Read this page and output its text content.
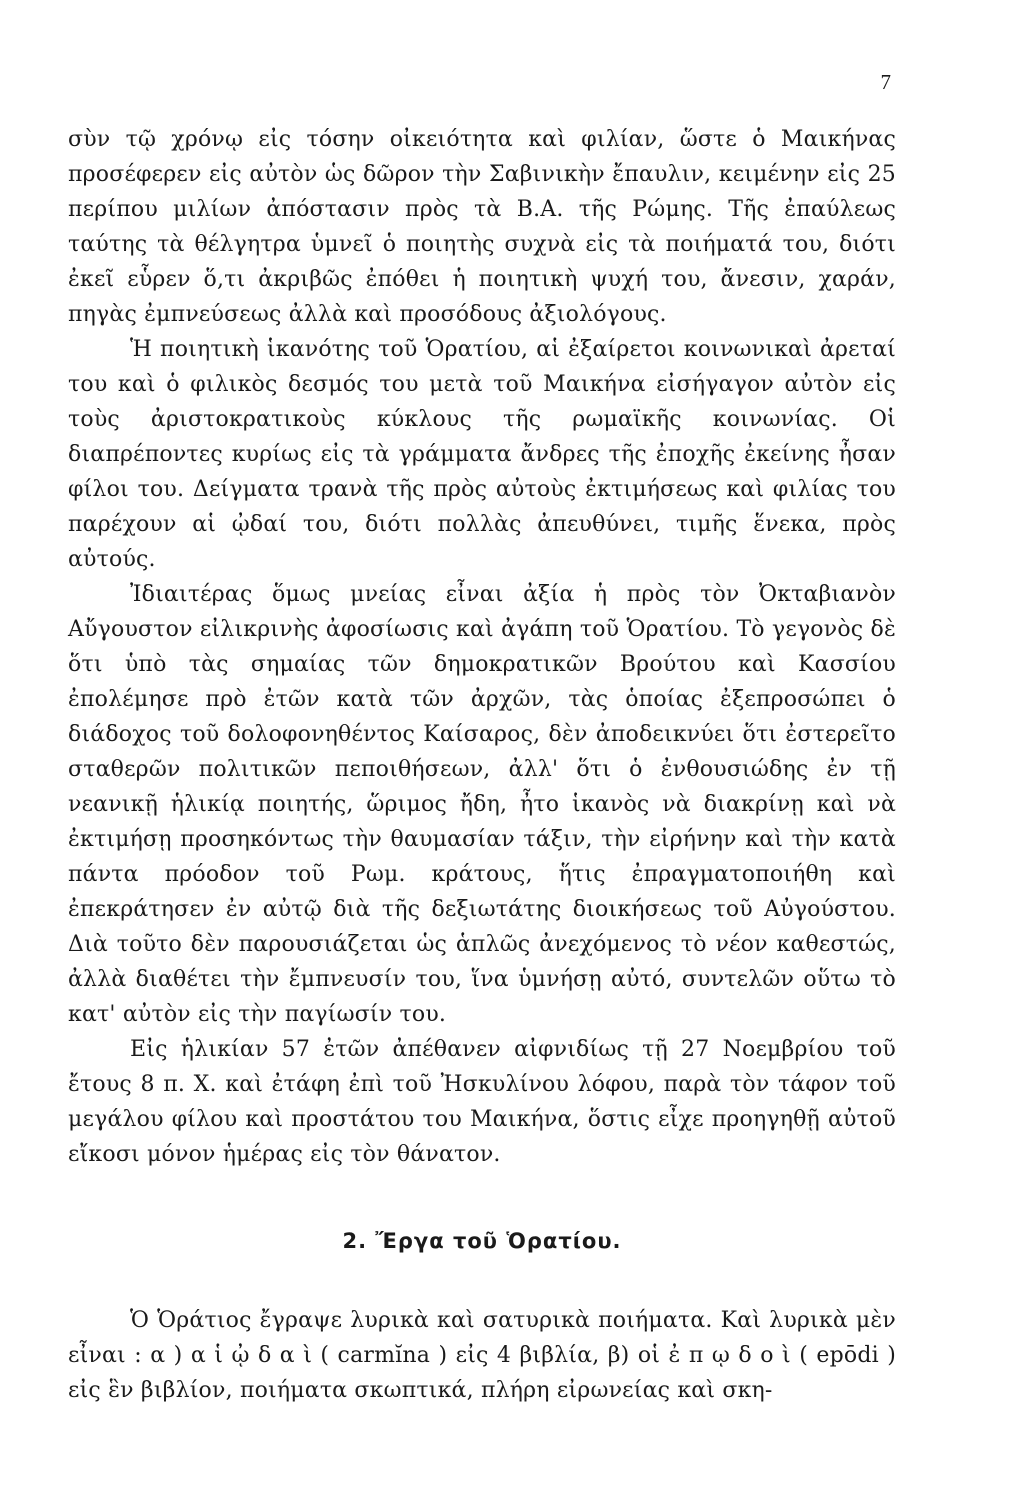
7

σὺν τῷ χρόνῳ εἰς τόσην οἰκειότητα καὶ φιλίαν, ὥστε ὁ Μαικήνας προσέφερεν εἰς αὐτὸν ὡς δῶρον τὴν Σαβινικὴν ἔπαυλιν, κειμένην εἰς 25 περίπου μιλίων ἀπόστασιν πρὸς τὰ Β.Α. τῆς Ρώμης. Τῆς ἐπαύλεως ταύτης τὰ θέλγητρα ὑμνεῖ ὁ ποιητὴς συχνὰ εἰς τὰ ποιήματά του, διότι ἐκεῖ εὗρεν ὅ,τι ἀκριβῶς ἐπόθει ἡ ποιητικὴ ψυχή του, ἄνεσιν, χαράν, πηγὰς ἐμπνεύσεως ἀλλὰ καὶ προσόδους ἀξιολόγους.

Ἡ ποιητικὴ ἱκανότης τοῦ Ὁρατίου, αἱ ἐξαίρετοι κοινωνικαὶ ἀρεταί του καὶ ὁ φιλικὸς δεσμός του μετὰ τοῦ Μαικήνα εἰσήγαγον αὐτὸν εἰς τοὺς ἀριστοκρατικοὺς κύκλους τῆς ρωμαϊκῆς κοινωνίας. Οἱ διαπρέποντες κυρίως εἰς τὰ γράμματα ἄνδρες τῆς ἐποχῆς ἐκείνης ἦσαν φίλοι του. Δείγματα τρανὰ τῆς πρὸς αὐτοὺς ἐκτιμήσεως καὶ φιλίας του παρέχουν αἱ ᾠδαί του, διότι πολλὰς ἀπευθύνει, τιμῆς ἕνεκα, πρὸς αὐτούς.

Ἰδιαιτέρας ὅμως μνείας εἶναι ἀξία ἡ πρὸς τὸν Ὀκταβιανὸν Αὔγουστον εἰλικρινὴς ἀφοσίωσις καὶ ἀγάπη τοῦ Ὁρατίου. Τὸ γεγονὸς δὲ ὅτι ὑπὸ τὰς σημαίας τῶν δημοκρατικῶν Βρούτου καὶ Κασσίου ἐπολέμησε πρὸ ἐτῶν κατὰ τῶν ἀρχῶν, τὰς ὁποίας ἐξεπροσώπει ὁ διάδοχος τοῦ δολοφονηθέντος Καίσαρος, δὲν ἀποδεικνύει ὅτι ἐστερεῖτο σταθερῶν πολιτικῶν πεποιθήσεων, ἀλλ' ὅτι ὁ ἐνθουσιώδης ἐν τῇ νεανικῇ ἡλικίᾳ ποιητής, ὥριμος ἤδη, ἦτο ἱκανὸς νὰ διακρίνῃ καὶ νὰ ἐκτιμήσῃ προσηκόντως τὴν θαυμασίαν τάξιν, τὴν εἰρήνην καὶ τὴν κατὰ πάντα πρόοδον τοῦ Ρωμ. κράτους, ἥτις ἐπραγματοποιήθη καὶ ἐπεκράτησεν ἐν αὐτῷ διὰ τῆς δεξιωτάτης διοικήσεως τοῦ Αὐγούστου. Διὰ τοῦτο δὲν παρουσιάζεται ὡς ἁπλῶς ἀνεχόμενος τὸ νέον καθεστώς, ἀλλὰ διαθέτει τὴν ἔμπνευσίν του, ἵνα ὑμνήσῃ αὐτό, συντελῶν οὕτω τὸ κατ' αὐτὸν εἰς τὴν παγίωσίν του.

Εἰς ἡλικίαν 57 ἐτῶν ἀπέθανεν αἰφνιδίως τῇ 27 Νοεμβρίου τοῦ ἔτους 8 π. Χ. καὶ ἐτάφη ἐπὶ τοῦ Ἠσκυλίνου λόφου, παρὰ τὸν τάφον τοῦ μεγάλου φίλου καὶ προστάτου του Μαικήνα, ὅστις εἶχε προηγηθῇ αὐτοῦ εἴκοσι μόνον ἡμέρας εἰς τὸν θάνατον.

2. Ἔργα τοῦ Ὁρατίου.

Ὁ Ὁράτιος ἔγραψε λυρικὰ καὶ σατυρικὰ ποιήματα. Καὶ λυρικὰ μὲν εἶναι : α ) α ἱ ᾠ δ α ὶ ( carmĭna ) εἰς 4 βιβλία, β) οἱ ἐ π ῳ δ ο ὶ ( epōdi ) εἰς ἓν βιβλίον, ποιήματα σκωπτικά, πλήρη εἰρωνείας καὶ σκη-
